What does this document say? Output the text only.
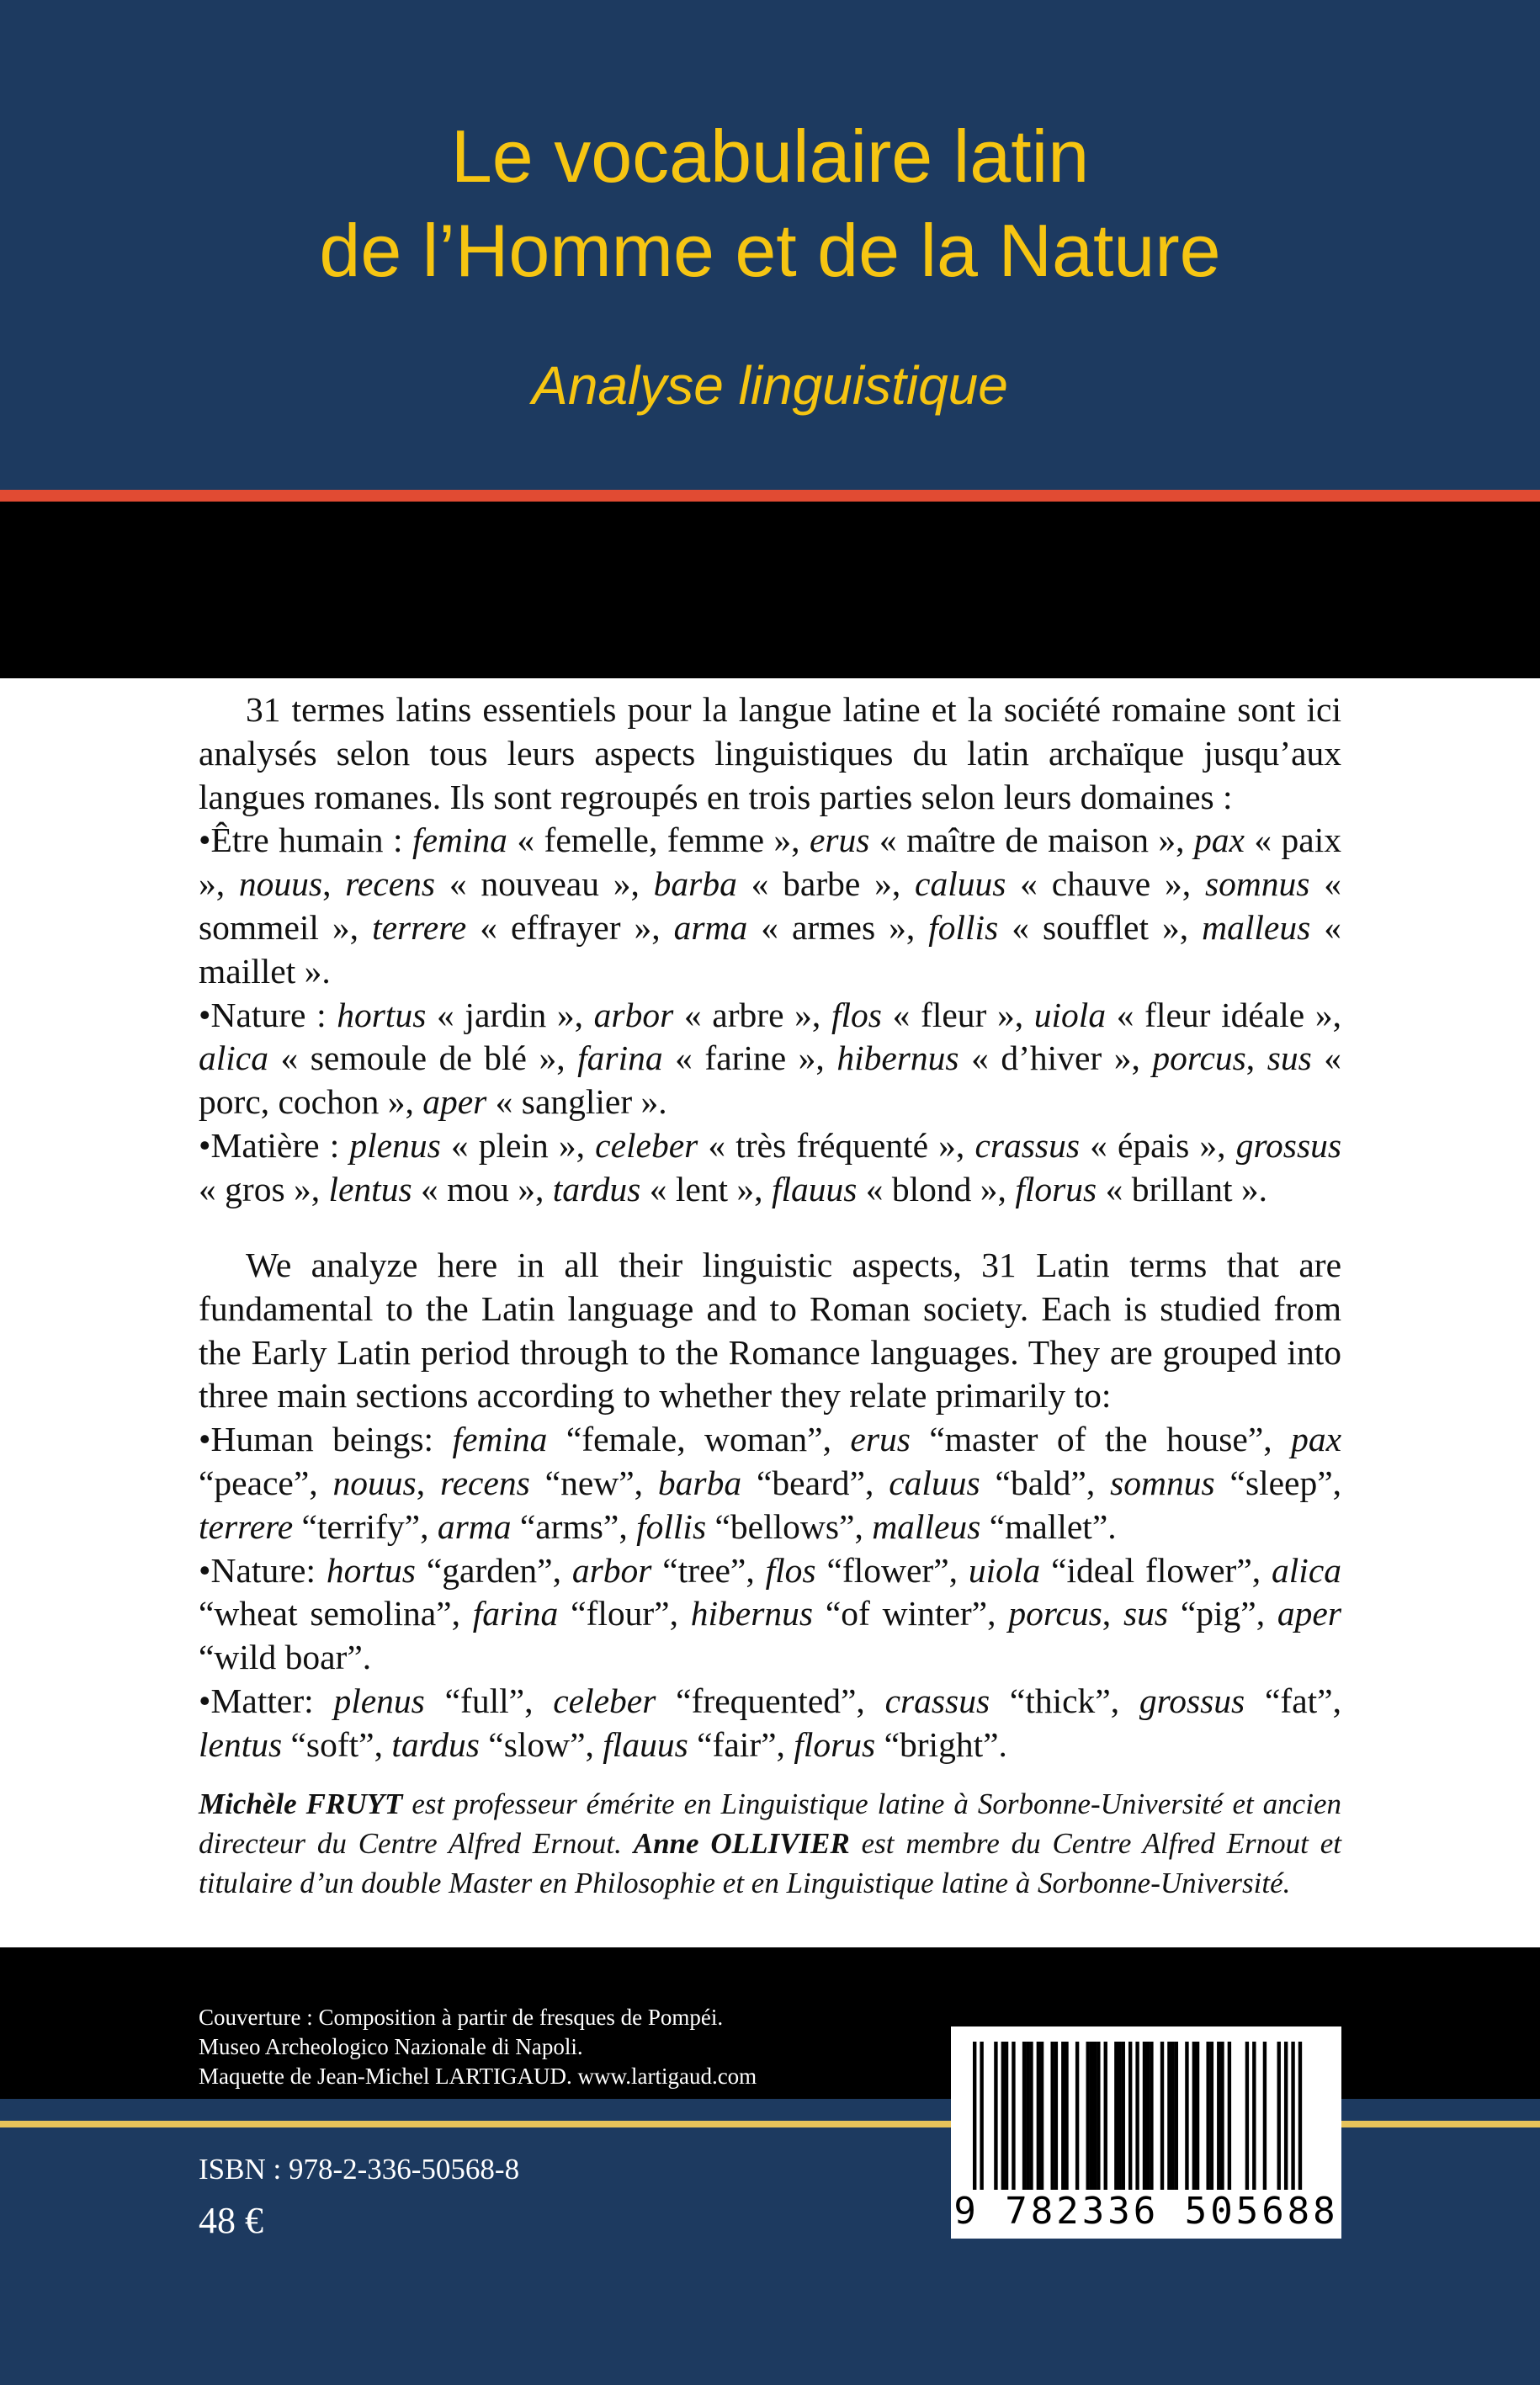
Le vocabulaire latin
de l’Homme et de la Nature
Analyse linguistique

31 termes latins essentiels pour la langue latine et la société romaine sont ici analysés selon tous leurs aspects linguistiques du latin archaïque jusqu’aux langues romanes. Ils sont regroupés en trois parties selon leurs domaines :

•Être humain : femina « femelle, femme », erus « maître de maison », pax « paix », nouus, recens « nouveau », barba « barbe », caluus « chauve », somnus « sommeil », terrere « effrayer », arma « armes », follis « soufflet », malleus « maillet ».

•Nature : hortus « jardin », arbor « arbre », flos « fleur », uiola « fleur idéale », alica « semoule de blé », farina « farine », hibernus « d’hiver », porcus, sus « porc, cochon », aper « sanglier ».

•Matière : plenus « plein », celeber « très fréquenté », crassus « épais », grossus « gros », lentus « mou », tardus « lent », flauus « blond », florus « brillant ».

We analyze here in all their linguistic aspects, 31 Latin terms that are fundamental to the Latin language and to Roman society. Each is studied from the Early Latin period through to the Romance languages. They are grouped into three main sections according to whether they relate primarily to:

•Human beings: femina “female, woman”, erus “master of the house”, pax “peace”, nouus, recens “new”, barba “beard”, caluus “bald”, somnus “sleep”, terrere “terrify”, arma “arms”, follis “bellows”, malleus “mallet”.

•Nature: hortus “garden”, arbor “tree”, flos “flower”, uiola “ideal flower”, alica “wheat semolina”, farina “flour”, hibernus “of winter”, porcus, sus “pig”, aper “wild boar”.

•Matter: plenus “full”, celeber “frequented”, crassus “thick”, grossus “fat”, lentus “soft”, tardus “slow”, flauus “fair”, florus “bright”.

Michèle FRUYT est professeur émérite en Linguistique latine à Sorbonne-Université et ancien directeur du Centre Alfred Ernout. Anne OLLIVIER est membre du Centre Alfred Ernout et titulaire d’un double Master en Philosophie et en Linguistique latine à Sorbonne-Université.

Couverture : Composition à partir de fresques de Pompéi.
Museo Archeologico Nazionale di Napoli.
Maquette de Jean-Michel LARTIGAUD. www.lartigaud.com
ISBN : 978-2-336-50568-8
48 €	9 782336 505688
